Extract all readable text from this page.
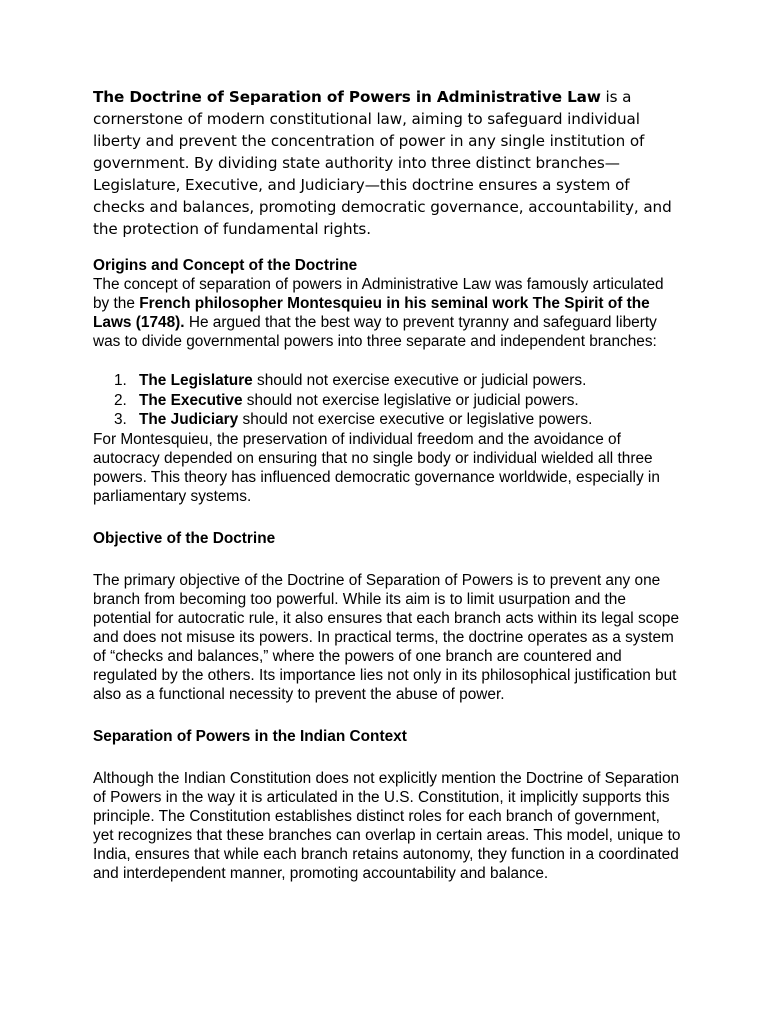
The Doctrine of Separation of Powers in Administrative Law is a cornerstone of modern constitutional law, aiming to safeguard individual liberty and prevent the concentration of power in any single institution of government. By dividing state authority into three distinct branches—Legislature, Executive, and Judiciary—this doctrine ensures a system of checks and balances, promoting democratic governance, accountability, and the protection of fundamental rights.

Origins and Concept of the Doctrine

The concept of separation of powers in Administrative Law was famously articulated by the French philosopher Montesquieu in his seminal work The Spirit of the Laws (1748). He argued that the best way to prevent tyranny and safeguard liberty was to divide governmental powers into three separate and independent branches:

1. The Legislature should not exercise executive or judicial powers.
2. The Executive should not exercise legislative or judicial powers.
3. The Judiciary should not exercise executive or legislative powers.

For Montesquieu, the preservation of individual freedom and the avoidance of autocracy depended on ensuring that no single body or individual wielded all three powers. This theory has influenced democratic governance worldwide, especially in parliamentary systems.

Objective of the Doctrine

The primary objective of the Doctrine of Separation of Powers is to prevent any one branch from becoming too powerful. While its aim is to limit usurpation and the potential for autocratic rule, it also ensures that each branch acts within its legal scope and does not misuse its powers. In practical terms, the doctrine operates as a system of “checks and balances,” where the powers of one branch are countered and regulated by the others. Its importance lies not only in its philosophical justification but also as a functional necessity to prevent the abuse of power.

Separation of Powers in the Indian Context

Although the Indian Constitution does not explicitly mention the Doctrine of Separation of Powers in the way it is articulated in the U.S. Constitution, it implicitly supports this principle. The Constitution establishes distinct roles for each branch of government, yet recognizes that these branches can overlap in certain areas. This model, unique to India, ensures that while each branch retains autonomy, they function in a coordinated and interdependent manner, promoting accountability and balance.
